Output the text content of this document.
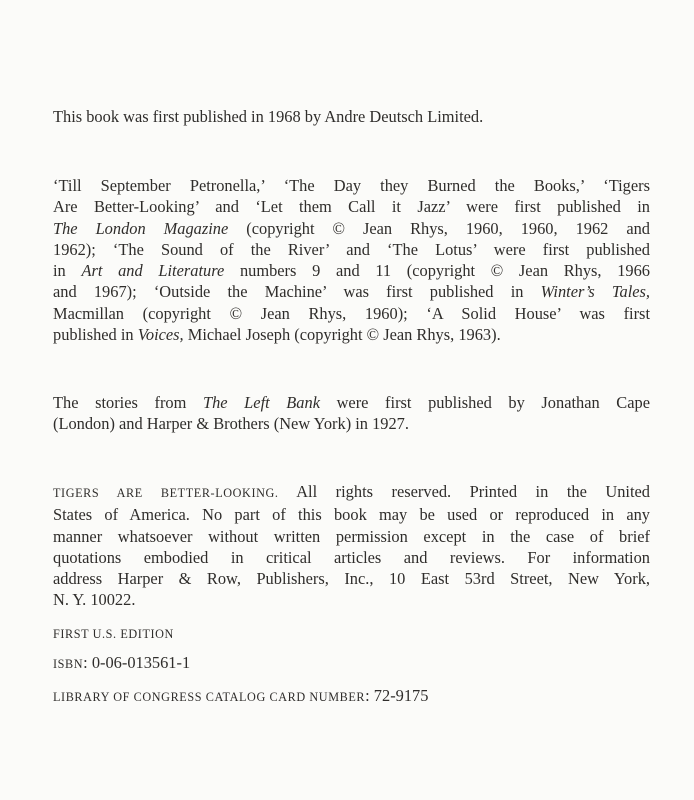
This book was first published in 1968 by Andre Deutsch Limited.
‘Till September Petronella,’ ‘The Day they Burned the Books,’ ‘Tigers
Are Better-Looking’ and ‘Let them Call it Jazz’ were first published in
The London Magazine (copyright © Jean Rhys, 1960, 1960, 1962 and
1962); ‘The Sound of the River’ and ‘The Lotus’ were first published
in Art and Literature numbers 9 and 11 (copyright © Jean Rhys, 1966
and 1967); ‘Outside the Machine’ was first published in Winter’s Tales,
Macmillan (copyright © Jean Rhys, 1960); ‘A Solid House’ was first
published in Voices, Michael Joseph (copyright © Jean Rhys, 1963).
The stories from The Left Bank were first published by Jonathan Cape
(London) and Harper & Brothers (New York) in 1927.
TIGERS ARE BETTER-LOOKING. All rights reserved. Printed in the United
States of America. No part of this book may be used or reproduced in any
manner whatsoever without written permission except in the case of brief
quotations embodied in critical articles and reviews. For information
address Harper & Row, Publishers, Inc., 10 East 53rd Street, New York,
N. Y. 10022.
FIRST U.S. EDITION
ISBN: 0-06-013561-1
LIBRARY OF CONGRESS CATALOG CARD NUMBER: 72-9175
